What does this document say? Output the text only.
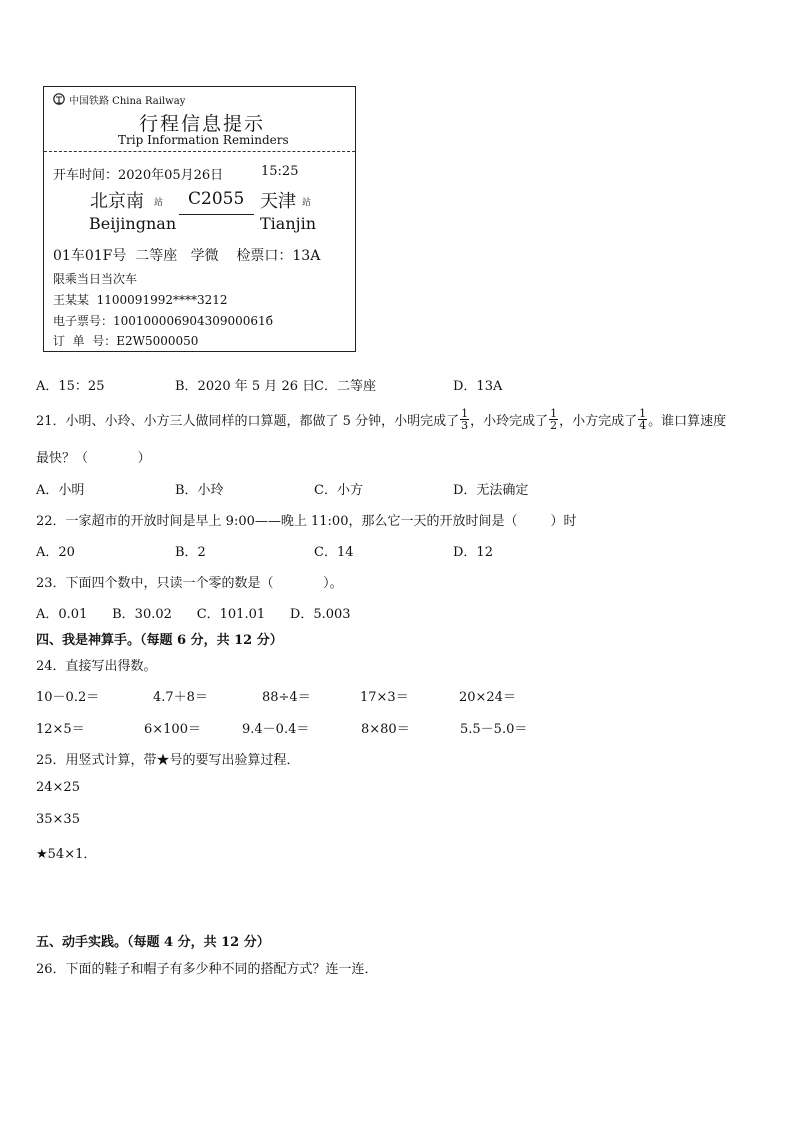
中国铁路 China Railway
行程信息提示
Trip Information Reminders
开车时间： 2020年05月26日	15:25
北京南 站 C2055 天津 站
Beijingnan	Tianjin
01车01F号  二等座   学微    检票口：13A
限乘当日当次车
王某某  1100091992****3212
电子票号：10010000690430900061б
订  单  号：E2W5000050
A．15：25	B．2020 年 5 月 26 日
C．二等座	D．13A
21．小明、小玲、小方三人做同样的口算题，都做了 5 分钟，小明完成了 $\frac{1}{3}$ ，小玲完成了 $\frac{1}{2}$ ，小方完成了 $\frac{1}{4}$ 。谁口算速度
最快？（            ）
A．小明	B．小玲	C．小方	D．无法确定
22．一家超市的开放时间是早上 9:00——晚上 11:00，那么它一天的开放时间是（        ）时
A．20	B．2	C．14	D．12
23．下面四个数中，只读一个零的数是（            ）。
A．0.01      B．30.02      C．101.01      D．5.003
四、我是神算手。（每题 6 分，共 12 分）
24．直接写出得数。
10－0.2＝	4.7＋8＝	88÷4＝	17×3＝	20×24＝
12×5＝	6×100＝	9.4－0.4＝	8×80＝	5.5－5.0＝
25．用竖式计算，带★号的要写出验算过程．
24×25
35×35
★54×1．
五、动手实践。（每题 4 分，共 12 分）
26．下面的鞋子和帽子有多少种不同的搭配方式？连一连．
